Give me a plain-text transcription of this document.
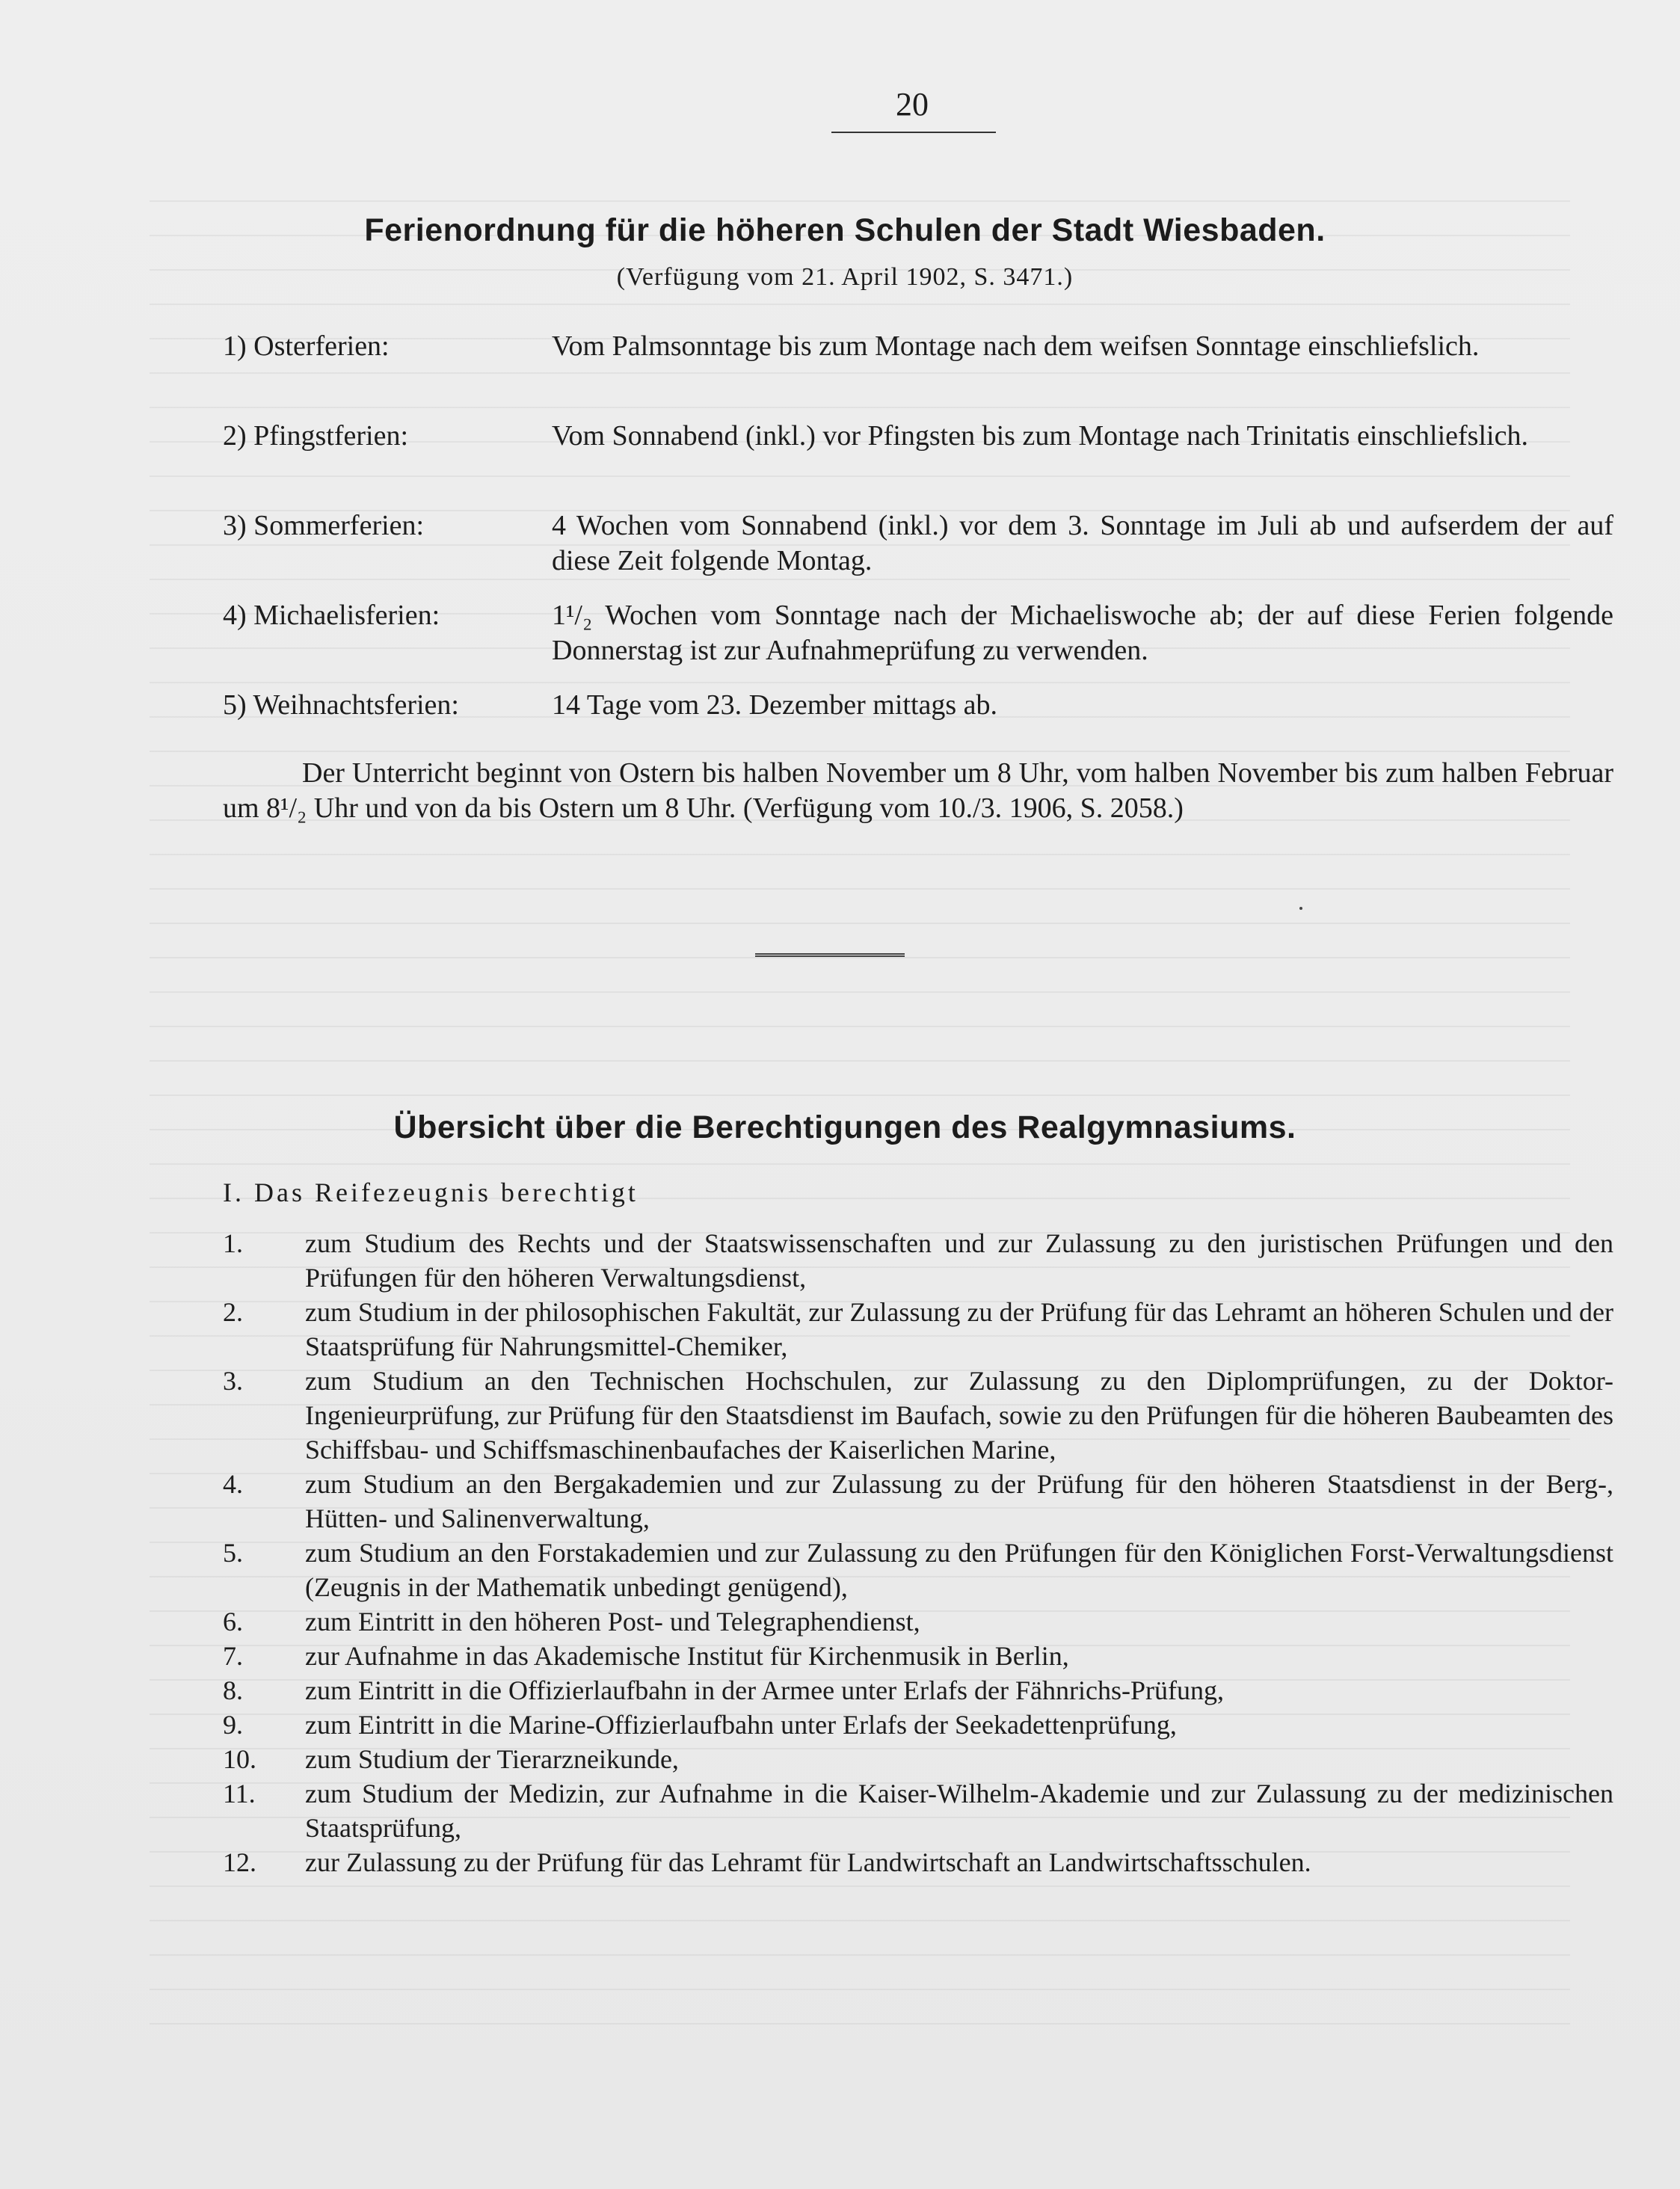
20
Ferienordnung für die höheren Schulen der Stadt Wiesbaden.
(Verfügung vom 21. April 1902, S. 3471.)
1) Osterferien:	Vom Palmsonntage bis zum Montage nach dem weifsen Sonntage einschliefslich.
2) Pfingstferien:	Vom Sonnabend (inkl.) vor Pfingsten bis zum Montage nach Trinitatis einschliefslich.
3) Sommerferien:	4 Wochen vom Sonnabend (inkl.) vor dem 3. Sonntage im Juli ab und aufserdem der auf diese Zeit folgende Montag.
4) Michaelisferien:	1¹/₂ Wochen vom Sonntage nach der Michaeliswoche ab; der auf diese Ferien folgende Donnerstag ist zur Aufnahmeprüfung zu verwenden.
5) Weihnachtsferien:	14 Tage vom 23. Dezember mittags ab.
Der Unterricht beginnt von Ostern bis halben November um 8 Uhr, vom halben November bis zum halben Februar um 8¹/₂ Uhr und von da bis Ostern um 8 Uhr. (Verfügung vom 10./3. 1906, S. 2058.)
Übersicht über die Berechtigungen des Realgymnasiums.
I. Das Reifezeugnis berechtigt
1.	zum Studium des Rechts und der Staatswissenschaften und zur Zulassung zu den juristischen Prüfungen und den Prüfungen für den höheren Verwaltungsdienst,
2.	zum Studium in der philosophischen Fakultät, zur Zulassung zu der Prüfung für das Lehramt an höheren Schulen und der Staatsprüfung für Nahrungsmittel-Chemiker,
3.	zum Studium an den Technischen Hochschulen, zur Zulassung zu den Diplomprüfungen, zu der Doktor-Ingenieurprüfung, zur Prüfung für den Staatsdienst im Baufach, sowie zu den Prüfungen für die höheren Baubeamten des Schiffsbau- und Schiffsmaschinenbaufaches der Kaiserlichen Marine,
4.	zum Studium an den Bergakademien und zur Zulassung zu der Prüfung für den höheren Staatsdienst in der Berg-, Hütten- und Salinenverwaltung,
5.	zum Studium an den Forstakademien und zur Zulassung zu den Prüfungen für den Königlichen Forst-Verwaltungsdienst (Zeugnis in der Mathematik unbedingt genügend),
6.	zum Eintritt in den höheren Post- und Telegraphendienst,
7.	zur Aufnahme in das Akademische Institut für Kirchenmusik in Berlin,
8.	zum Eintritt in die Offizierlaufbahn in der Armee unter Erlafs der Fähnrichs-Prüfung,
9.	zum Eintritt in die Marine-Offizierlaufbahn unter Erlafs der Seekadettenprüfung,
10.	zum Studium der Tierarzneikunde,
11.	zum Studium der Medizin, zur Aufnahme in die Kaiser-Wilhelm-Akademie und zur Zulassung zu der medizinischen Staatsprüfung,
12.	zur Zulassung zu der Prüfung für das Lehramt für Landwirtschaft an Landwirtschaftsschulen.
